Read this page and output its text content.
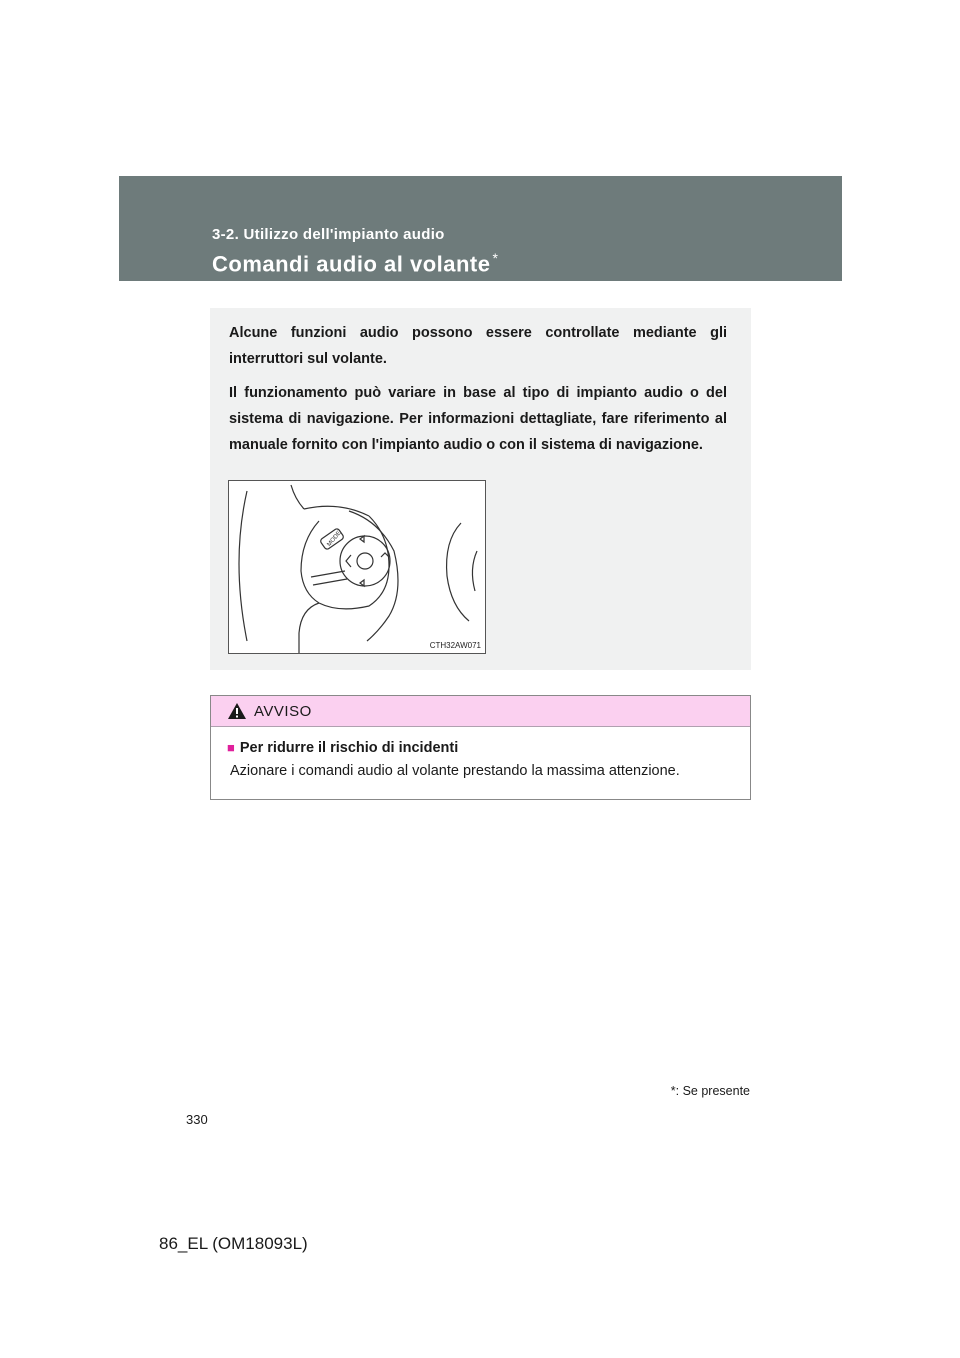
3-2. Utilizzo dell'impianto audio
Comandi audio al volante *

Alcune funzioni audio possono essere controllate mediante gli interruttori sul volante.

Il funzionamento può variare in base al tipo di impianto audio o del sistema di navigazione. Per informazioni dettagliate, fare riferimento al manuale fornito con l'impianto audio o con il sistema di navigazione.

MODE
CTH32AW071
AVVISO
■ Per ridurre il rischio di incidenti
Azionare i comandi audio al volante prestando la massima attenzione.
*: Se presente
330
86_EL (OM18093L)
